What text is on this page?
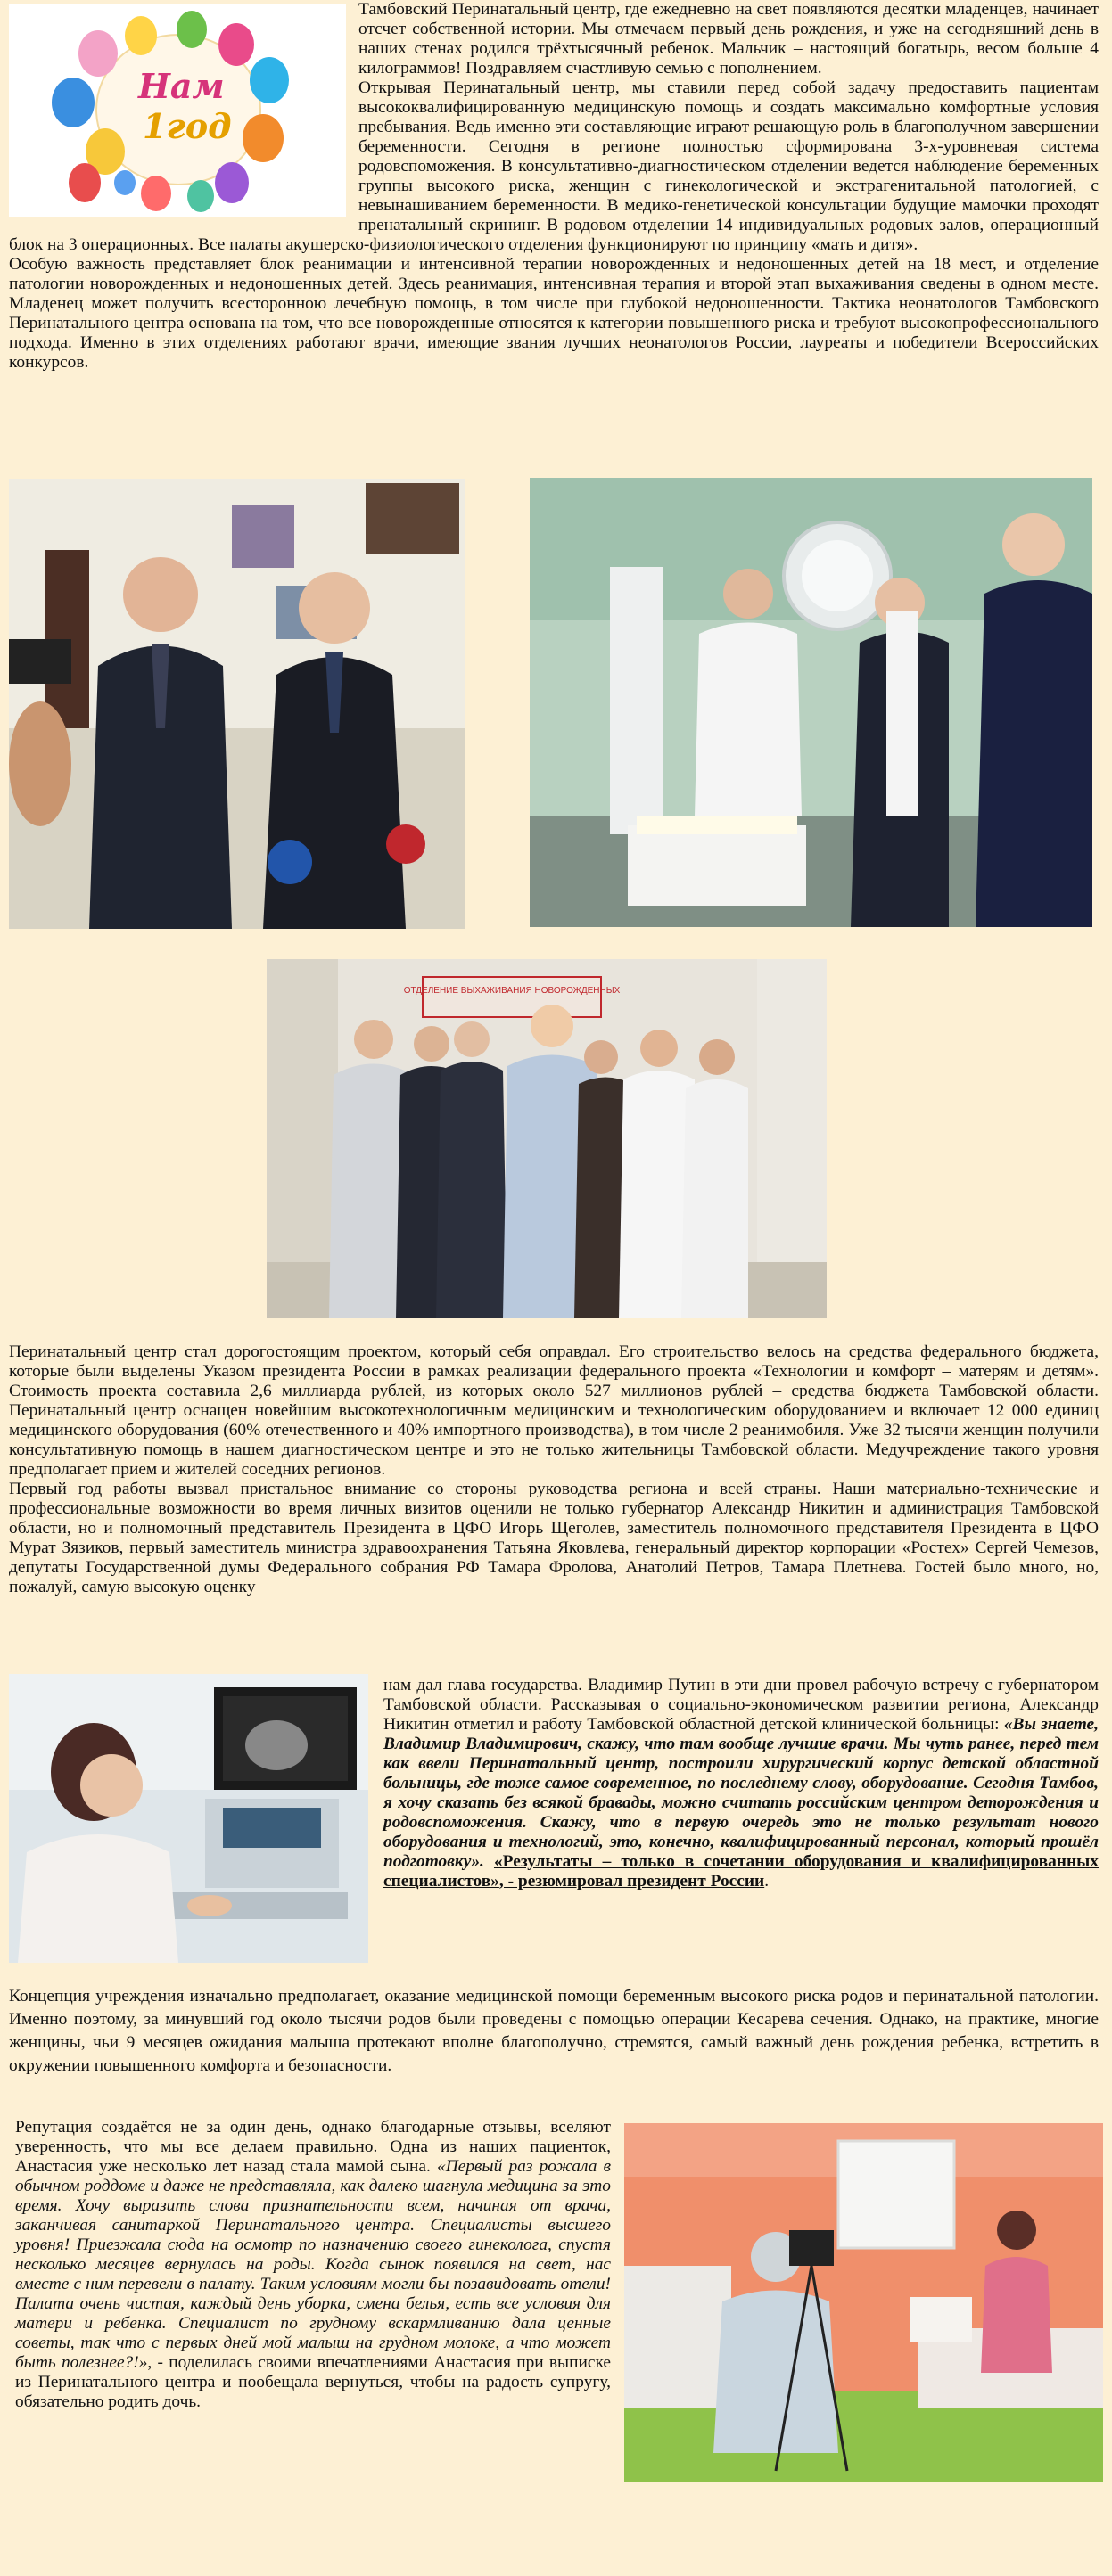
Нам
1год

Тамбовский Перинатальный центр, где ежедневно на свет появляются десятки младенцев, начинает отсчет собственной истории. Мы отмечаем первый день рождения, и уже на сегодняшний день в наших стенах родился трёхтысячный ребенок. Мальчик – настоящий богатырь, весом больше 4 килограммов! Поздравляем счастливую семью с пополнением.

Открывая Перинатальный центр, мы ставили перед собой задачу предоставить пациентам высококвалифицированную медицинскую помощь и создать максимально комфортные условия пребывания. Ведь именно эти составляющие играют решающую роль в благополучном завершении беременности. Сегодня в регионе полностью сформирована 3-х-уровневая система родовспоможения. В консультативно-диагностическом отделении ведется наблюдение беременных группы высокого риска, женщин с гинекологической и экстрагенитальной патологией, с невынашиванием беременности. В медико-генетической консультации будущие мамочки проходят пренатальный скрининг. В родовом отделении 14 индивидуальных родовых залов, операционный блок на 3 операционных. Все палаты акушерско-физиологического отделения функционируют по принципу «мать и дитя».

Особую важность представляет блок реанимации и интенсивной терапии новорожденных и недоношенных детей на 18 мест, и отделение патологии новорожденных и недоношенных детей. Здесь реанимация, интенсивная терапия и второй этап выхаживания сведены в одном месте. Младенец может получить всесторонною лечебную помощь, в том числе при глубокой недоношенности. Тактика неонатологов Тамбовского Перинатального центра основана на том, что все новорожденные относятся к категории повышенного риска и требуют высокопрофессионального подхода. Именно в этих отделениях работают врачи, имеющие звания лучших неонатологов России, лауреаты и победители Всероссийских конкурсов.

ОТДЕЛЕНИЕ ВЫХАЖИВАНИЯ НОВОРОЖДЕННЫХ

Перинатальный центр стал дорогостоящим проектом, который себя оправдал. Его строительство велось на средства федерального бюджета, которые были выделены Указом президента России в рамках реализации федерального проекта «Технологии и комфорт – матерям и детям». Стоимость проекта составила 2,6 миллиарда рублей, из которых около 527 миллионов рублей – средства бюджета Тамбовской области. Перинатальный центр оснащен новейшим высокотехнологичным медицинским и технологическим оборудованием и включает 12 000 единиц медицинского оборудования (60% отечественного и 40% импортного производства), в том числе 2 реанимобиля. Уже 32 тысячи женщин получили консультативную помощь в нашем диагностическом центре и это не только жительницы Тамбовской области. Медучреждение такого уровня предполагает прием и жителей соседних регионов.

Первый год работы вызвал пристальное внимание со стороны руководства региона и всей страны. Наши материально-технические и профессиональные возможности во время личных визитов оценили не только губернатор Александр Никитин и администрация Тамбовской области, но и полномочный представитель Президента в ЦФО Игорь Щеголев, заместитель полномочного представителя Президента в ЦФО Мурат Зязиков, первый заместитель министра здравоохранения Татьяна Яковлева, генеральный директор корпорации «Ростех» Сергей Чемезов, депутаты Государственной думы Федерального собрания РФ Тамара Фролова, Анатолий Петров, Тамара Плетнева. Гостей было много, но, пожалуй, самую высокую оценку

нам дал глава государства. Владимир Путин в эти дни провел рабочую встречу с губернатором Тамбовской области. Рассказывая о социально-экономическом развитии региона, Александр Никитин отметил и работу Тамбовской областной детской клинической больницы: «Вы знаете, Владимир Владимирович, скажу, что там вообще лучшие врачи. Мы чуть ранее, перед тем как ввели Перинатальный центр, построили хирургический корпус детской областной больницы, где тоже самое современное, по последнему слову, оборудование. Сегодня Тамбов, я хочу сказать без всякой бравады, можно считать российским центром деторождения и родовспоможения. Скажу, что в первую очередь это не только результат нового оборудования и технологий, это, конечно, квалифицированный персонал, который прошёл подготовку». «Результаты – только в сочетании оборудования и квалифицированных специалистов», - резюмировал президент России.

Концепция учреждения изначально предполагает, оказание медицинской помощи беременным высокого риска родов и перинатальной патологии. Именно поэтому, за минувший год около тысячи родов были проведены с помощью операции Кесарева сечения. Однако, на практике, многие женщины, чьи 9 месяцев ожидания малыша протекают вполне благополучно, стремятся, самый важный день рождения ребенка, встретить в окружении повышенного комфорта и безопасности.

Репутация создаётся не за один день, однако благодарные отзывы, вселяют уверенность, что мы все делаем правильно. Одна из наших пациенток, Анастасия уже несколько лет назад стала мамой сына. «Первый раз рожала в обычном роддоме и даже не представляла, как далеко шагнула медицина за это время. Хочу выразить слова признательности всем, начиная от врача, заканчивая санитаркой Перинатального центра. Специалисты высшего уровня! Приезжала сюда на осмотр по назначению своего гинеколога, спустя несколько месяцев вернулась на роды. Когда сынок появился на свет, нас вместе с ним перевели в палату. Таким условиям могли бы позавидовать отели! Палата очень чистая, каждый день уборка, смена белья, есть все условия для матери и ребенка. Специалист по грудному вскармливанию дала ценные советы, так что с первых дней мой малыш на грудном молоке, а что может быть полезнее?!», - поделилась своими впечатлениями Анастасия при выписке из Перинатального центра и пообещала вернуться, чтобы на радость супругу, обязательно родить дочь.
